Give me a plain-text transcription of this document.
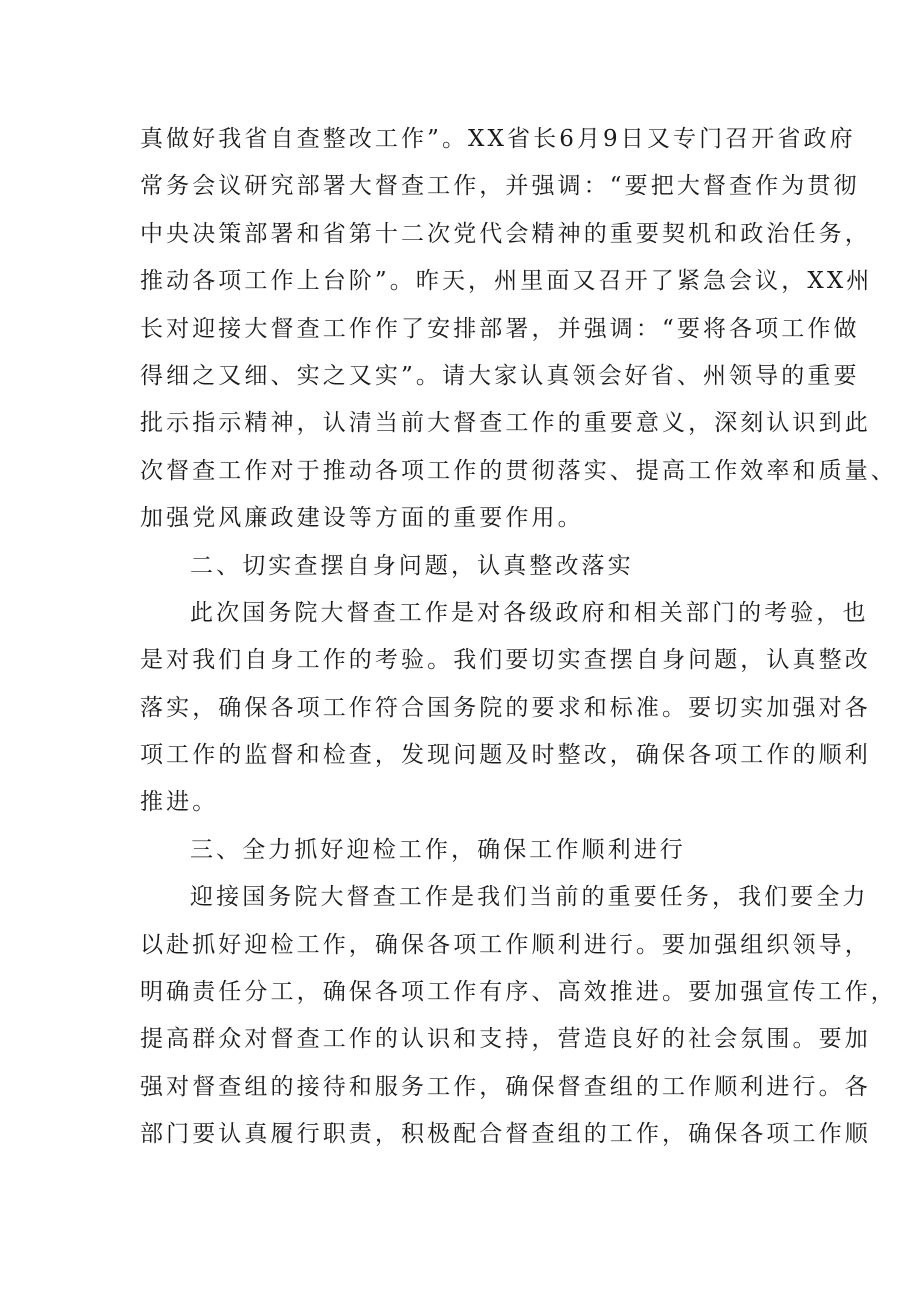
真做好我省自查整改工作”。XX省长6月9日又专门召开省政府
常务会议研究部署大督查工作，并强调：“要把大督查作为贯彻
中央决策部署和省第十二次党代会精神的重要契机和政治任务，
推动各项工作上台阶”。昨天，州里面又召开了紧急会议，XX州
长对迎接大督查工作作了安排部署，并强调：“要将各项工作做
得细之又细、实之又实”。请大家认真领会好省、州领导的重要
批示指示精神，认清当前大督查工作的重要意义，深刻认识到此
次督查工作对于推动各项工作的贯彻落实、提高工作效率和质量、
加强党风廉政建设等方面的重要作用。
二、切实查摆自身问题，认真整改落实
此次国务院大督查工作是对各级政府和相关部门的考验，也
是对我们自身工作的考验。我们要切实查摆自身问题，认真整改
落实，确保各项工作符合国务院的要求和标准。要切实加强对各
项工作的监督和检查，发现问题及时整改，确保各项工作的顺利
推进。
三、全力抓好迎检工作，确保工作顺利进行
迎接国务院大督查工作是我们当前的重要任务，我们要全力
以赴抓好迎检工作，确保各项工作顺利进行。要加强组织领导，
明确责任分工，确保各项工作有序、高效推进。要加强宣传工作，
提高群众对督查工作的认识和支持，营造良好的社会氛围。要加
强对督查组的接待和服务工作，确保督查组的工作顺利进行。各
部门要认真履行职责，积极配合督查组的工作，确保各项工作顺
